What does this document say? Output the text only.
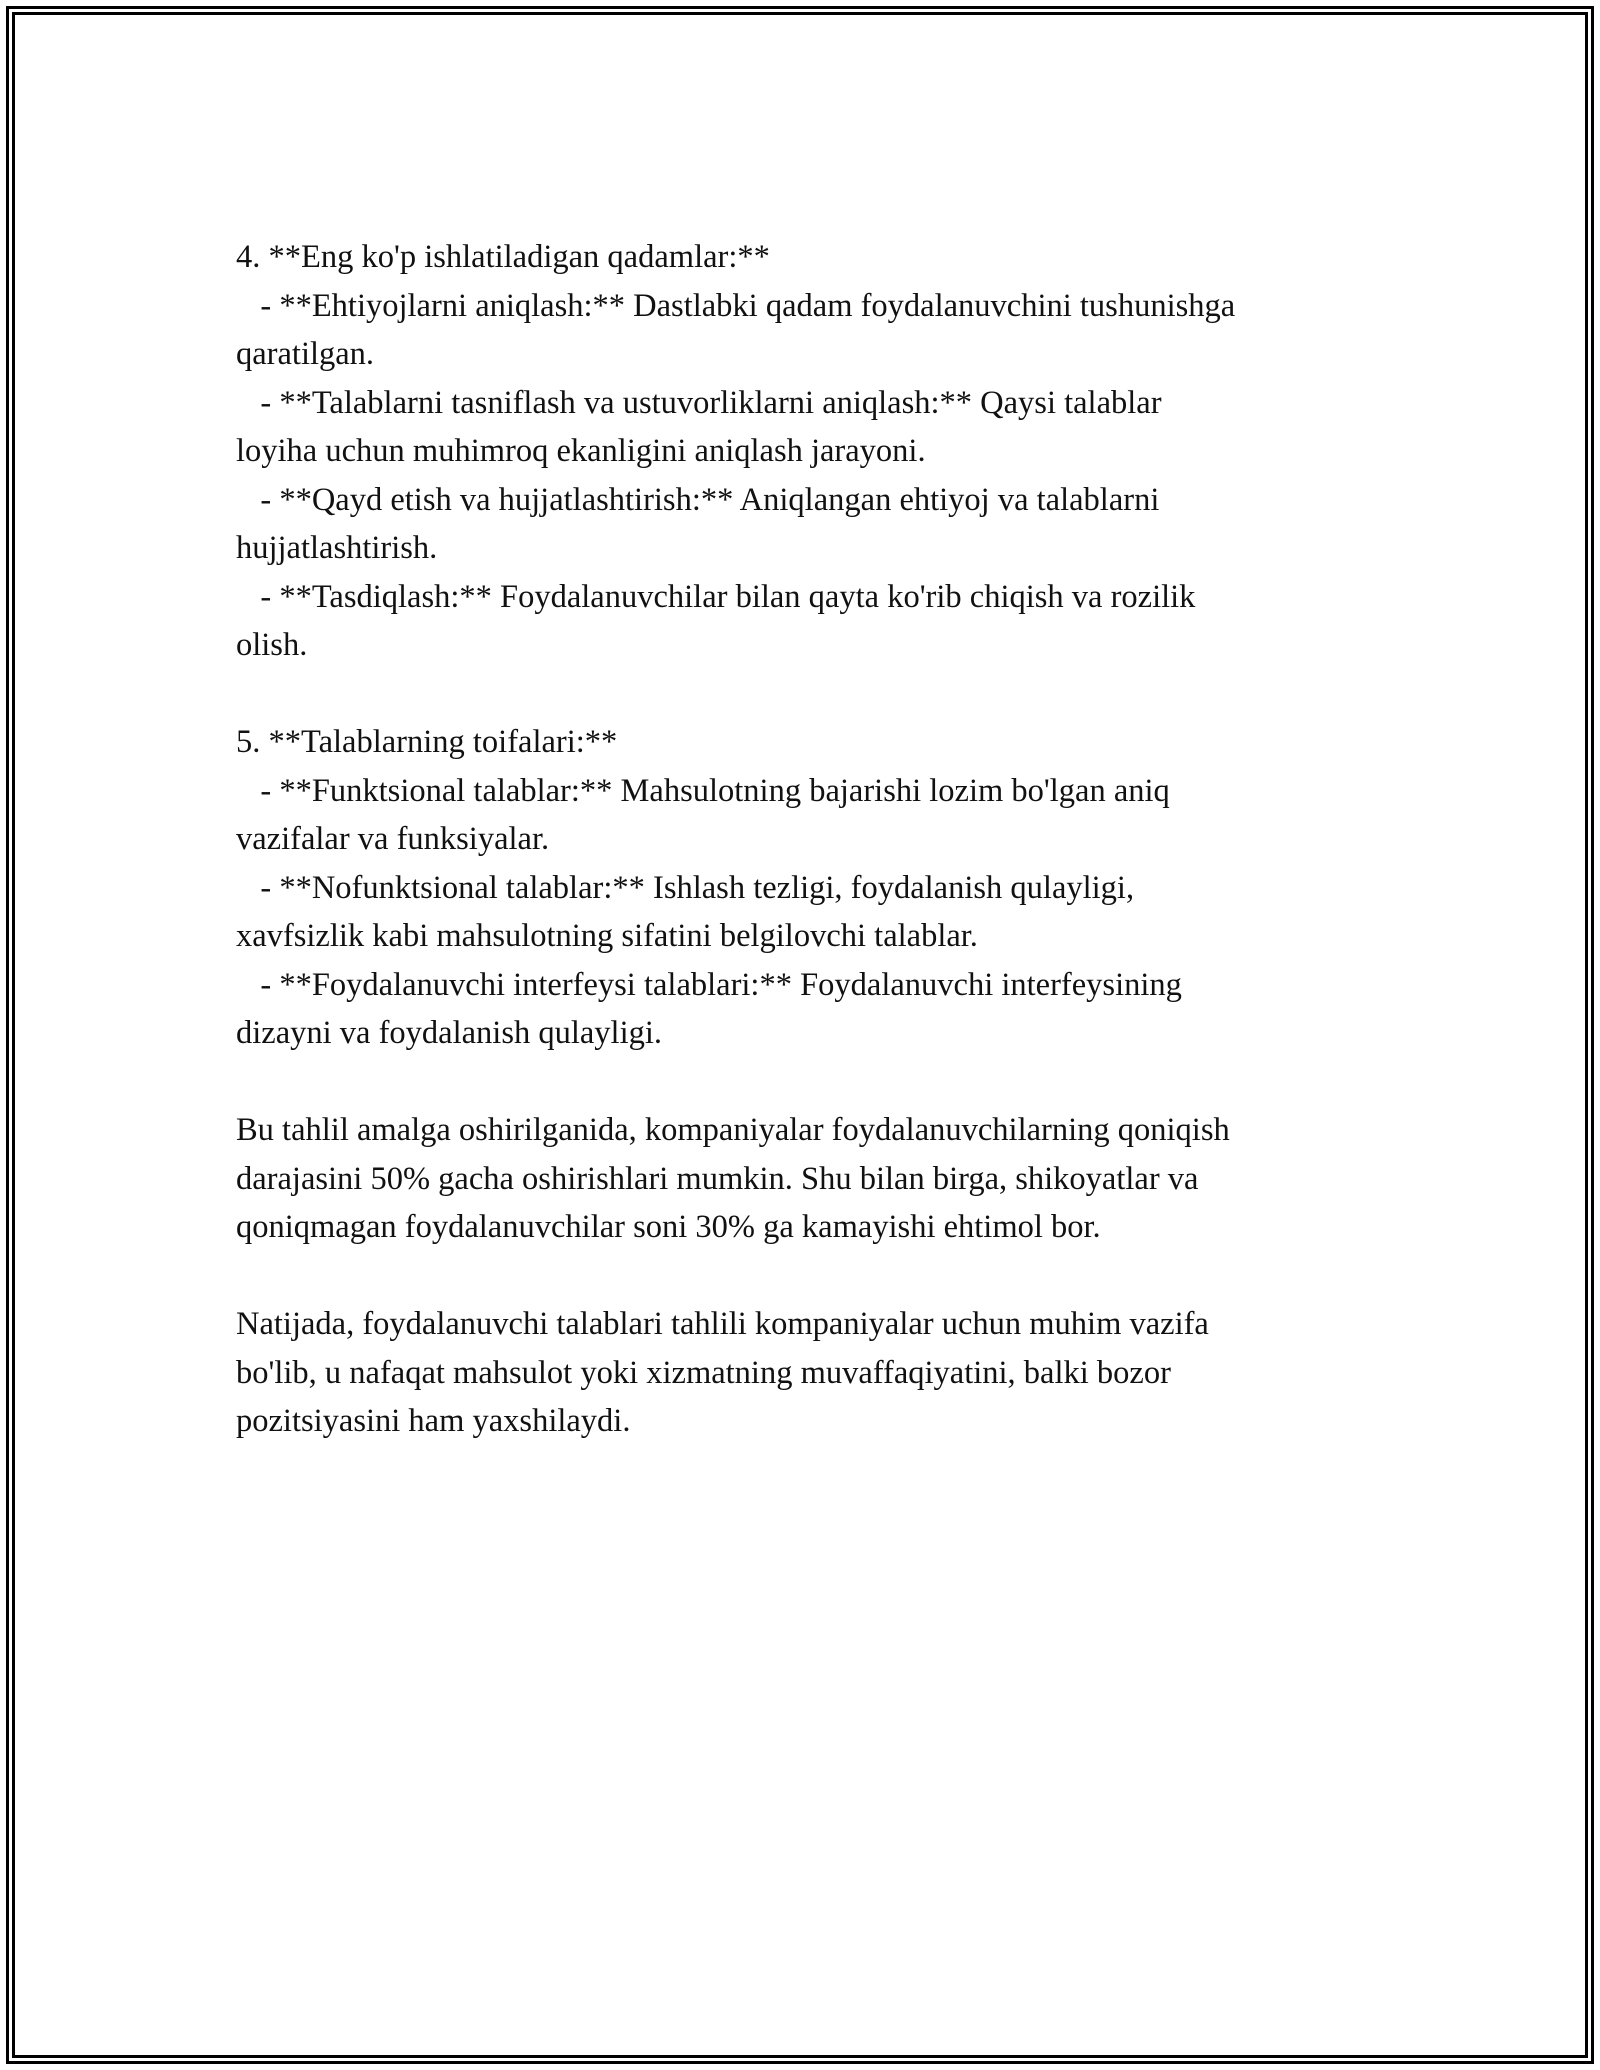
4. **Eng ko'p ishlatiladigan qadamlar:**
- **Ehtiyojlarni aniqlash:** Dastlabki qadam foydalanuvchini tushunishga
qaratilgan.
- **Talablarni tasniflash va ustuvorliklarni aniqlash:** Qaysi talablar
loyiha uchun muhimroq ekanligini aniqlash jarayoni.
- **Qayd etish va hujjatlashtirish:** Aniqlangan ehtiyoj va talablarni
hujjatlashtirish.
- **Tasdiqlash:** Foydalanuvchilar bilan qayta ko'rib chiqish va rozilik
olish.
5. **Talablarning toifalari:**
- **Funktsional talablar:** Mahsulotning bajarishi lozim bo'lgan aniq
vazifalar va funksiyalar.
- **Nofunktsional talablar:** Ishlash tezligi, foydalanish qulayligi,
xavfsizlik kabi mahsulotning sifatini belgilovchi talablar.
- **Foydalanuvchi interfeysi talablari:** Foydalanuvchi interfeysining
dizayni va foydalanish qulayligi.
Bu tahlil amalga oshirilganida, kompaniyalar foydalanuvchilarning qoniqish
darajasini 50% gacha oshirishlari mumkin. Shu bilan birga, shikoyatlar va
qoniqmagan foydalanuvchilar soni 30% ga kamayishi ehtimol bor.
Natijada, foydalanuvchi talablari tahlili kompaniyalar uchun muhim vazifa
bo'lib, u nafaqat mahsulot yoki xizmatning muvaffaqiyatini, balki bozor
pozitsiyasini ham yaxshilaydi.
